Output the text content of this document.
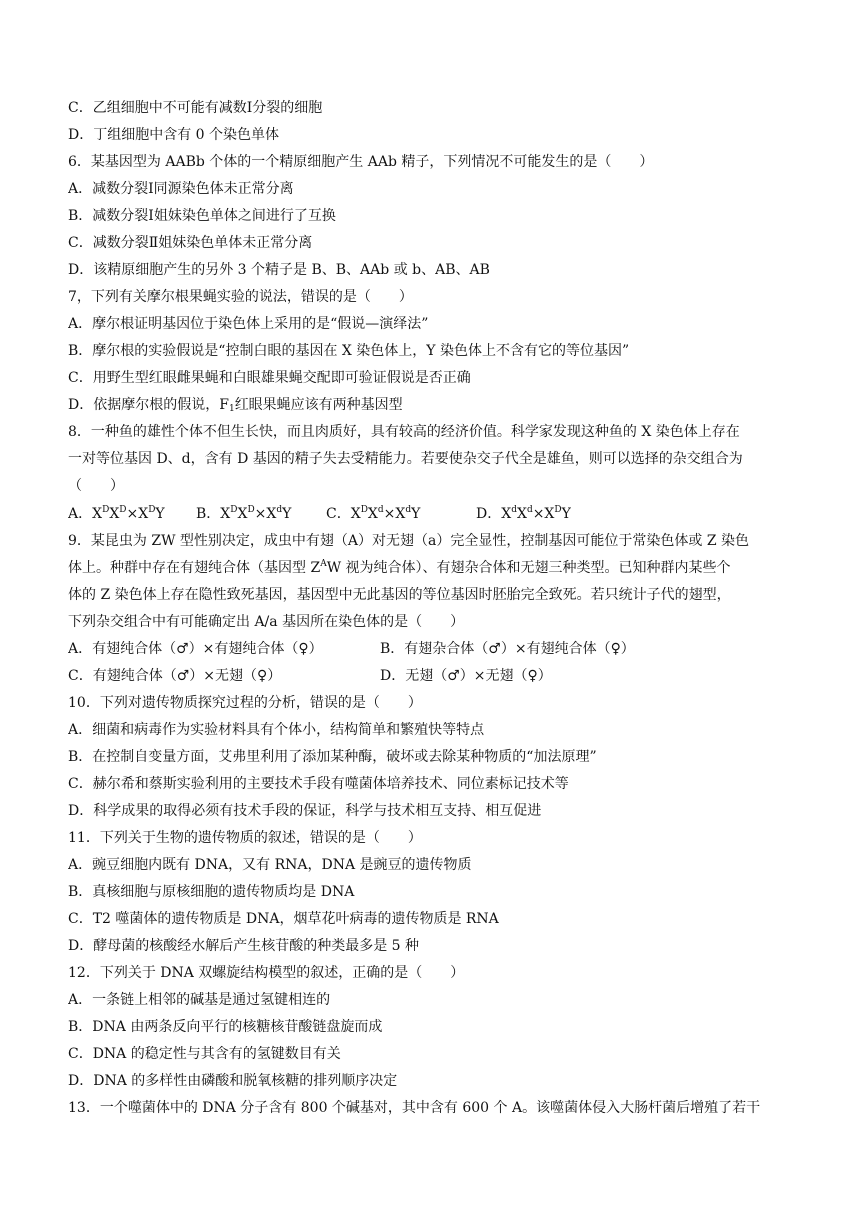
C．乙组细胞中不可能有减数Ⅰ分裂的细胞
D．丁组细胞中含有 0 个染色单体
6．某基因型为 AABb 个体的一个精原细胞产生 AAb 精子，下列情况不可能发生的是（　　）
A．减数分裂Ⅰ同源染色体未正常分离
B．减数分裂Ⅰ姐妹染色单体之间进行了互换
C．减数分裂Ⅱ姐妹染色单体未正常分离
D．该精原细胞产生的另外 3 个精子是 B、B、AAb 或 b、AB、AB
7，下列有关摩尔根果蝇实验的说法，错误的是（　　）
A．摩尔根证明基因位于染色体上采用的是“假说—演绎法”
B．摩尔根的实验假说是“控制白眼的基因在 X 染色体上，Y 染色体上不含有它的等位基因”
C．用野生型红眼雌果蝇和白眼雄果蝇交配即可验证假说是否正确
D．依据摩尔根的假说，$F_1$红眼果蝇应该有两种基因型
8．一种鱼的雄性个体不但生长快，而且肉质好，具有较高的经济价值。科学家发现这种鱼的 X 染色体上存在
一对等位基因 D、d，含有 D 基因的精子失去受精能力。若要使杂交子代全是雄鱼，则可以选择的杂交组合为
（　　）
A．$X^DX^D\times X^DY$	B．$X^DX^D\times X^dY$	C．$X^DX^d\times X^dY$	D．$X^dX^d\times X^DY$
9．某昆虫为 ZW 型性别决定，成虫中有翅（A）对无翅（a）完全显性，控制基因可能位于常染色体或 Z 染色
体上。种群中存在有翅纯合体（基因型 $Z^AW$ 视为纯合体）、有翅杂合体和无翅三种类型。已知种群内某些个
体的 Z 染色体上存在隐性致死基因，基因型中无此基因的等位基因时胚胎完全致死。若只统计子代的翅型，
下列杂交组合中有可能确定出 A/a 基因所在染色体的是（　　）
A．有翅纯合体（♂）×有翅纯合体（♀）	B．有翅杂合体（♂）×有翅纯合体（♀）
C．有翅纯合体（♂）×无翅（♀）	D．无翅（♂）×无翅（♀）
10．下列对遗传物质探究过程的分析，错误的是（　　）
A．细菌和病毒作为实验材料具有个体小，结构简单和繁殖快等特点
B．在控制自变量方面，艾弗里利用了添加某种酶，破坏或去除某种物质的“加法原理”
C．赫尔希和蔡斯实验利用的主要技术手段有噬菌体培养技术、同位素标记技术等
D．科学成果的取得必须有技术手段的保证，科学与技术相互支持、相互促进
11．下列关于生物的遗传物质的叙述，错误的是（　　）
A．豌豆细胞内既有 DNA，又有 RNA，DNA 是豌豆的遗传物质
B．真核细胞与原核细胞的遗传物质均是 DNA
C．T2 噬菌体的遗传物质是 DNA，烟草花叶病毒的遗传物质是 RNA
D．酵母菌的核酸经水解后产生核苷酸的种类最多是 5 种
12．下列关于 DNA 双螺旋结构模型的叙述，正确的是（　　）
A．一条链上相邻的碱基是通过氢键相连的
B．DNA 由两条反向平行的核糖核苷酸链盘旋而成
C．DNA 的稳定性与其含有的氢键数目有关
D．DNA 的多样性由磷酸和脱氧核糖的排列顺序决定
13．一个噬菌体中的 DNA 分子含有 800 个碱基对，其中含有 600 个 A。该噬菌体侵入大肠杆菌后增殖了若干
